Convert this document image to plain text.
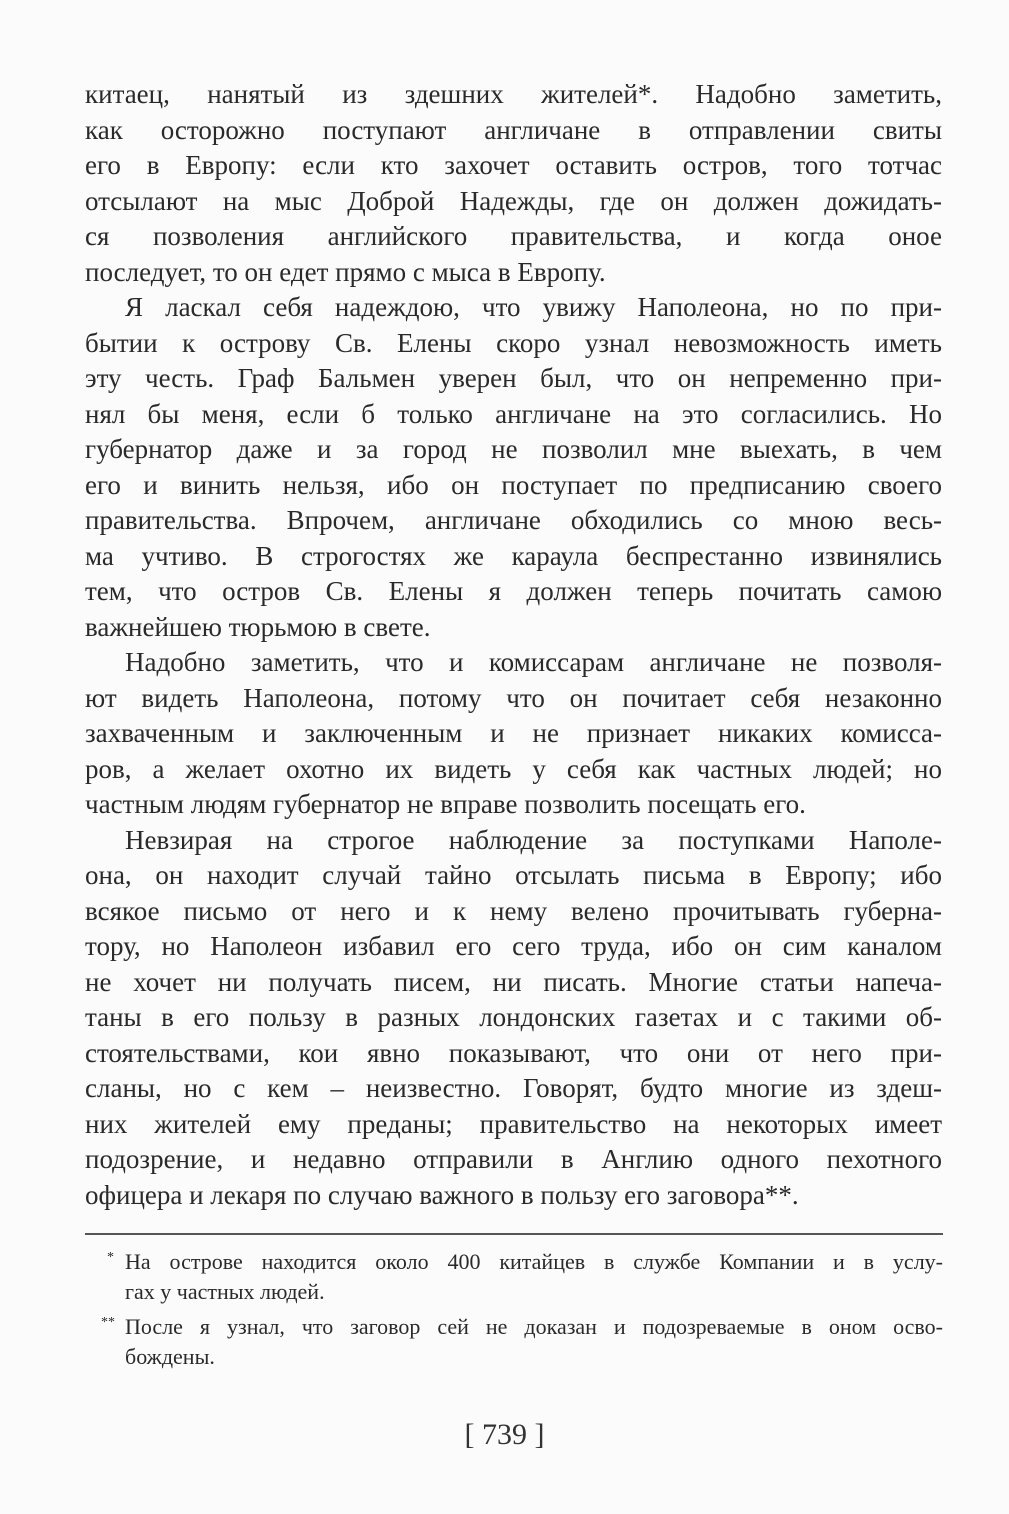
китаец, нанятый из здешних жителей*. Надобно заметить,
как осторожно поступают англичане в отправлении свиты
его в Европу: если кто захочет оставить остров, того тотчас
отсылают на мыс Доброй Надежды, где он должен дожидать-
ся позволения английского правительства, и когда оное
последует, то он едет прямо с мыса в Европу.
Я ласкал себя надеждою, что увижу Наполеона, но по при-
бытии к острову Св. Елены скоро узнал невозможность иметь
эту честь. Граф Бальмен уверен был, что он непременно при-
нял бы меня, если б только англичане на это согласились. Но
губернатор даже и за город не позволил мне выехать, в чем
его и винить нельзя, ибо он поступает по предписанию своего
правительства. Впрочем, англичане обходились со мною весь-
ма учтиво. В строгостях же караула беспрестанно извинялись
тем, что остров Св. Елены я должен теперь почитать самою
важнейшею тюрьмою в свете.
Надобно заметить, что и комиссарам англичане не позволя-
ют видеть Наполеона, потому что он почитает себя незаконно
захваченным и заключенным и не признает никаких комисса-
ров, а желает охотно их видеть у себя как частных людей; но
частным людям губернатор не вправе позволить посещать его.
Невзирая на строгое наблюдение за поступками Наполе-
она, он находит случай тайно отсылать письма в Европу; ибо
всякое письмо от него и к нему велено прочитывать губерна-
тору, но Наполеон избавил его сего труда, ибо он сим каналом
не хочет ни получать писем, ни писать. Многие статьи напеча-
таны в его пользу в разных лондонских газетах и с такими об-
стоятельствами, кои явно показывают, что они от него при-
сланы, но с кем – неизвестно. Говорят, будто многие из здеш-
них жителей ему преданы; правительство на некоторых имеет
подозрение, и недавно отправили в Англию одного пехотного
офицера и лекаря по случаю важного в пользу его заговора**.
* На острове находится около 400 китайцев в службе Компании и в услу-
гах у частных людей.
** После я узнал, что заговор сей не доказан и подозреваемые в оном осво-
бождены.
[ 739 ]
